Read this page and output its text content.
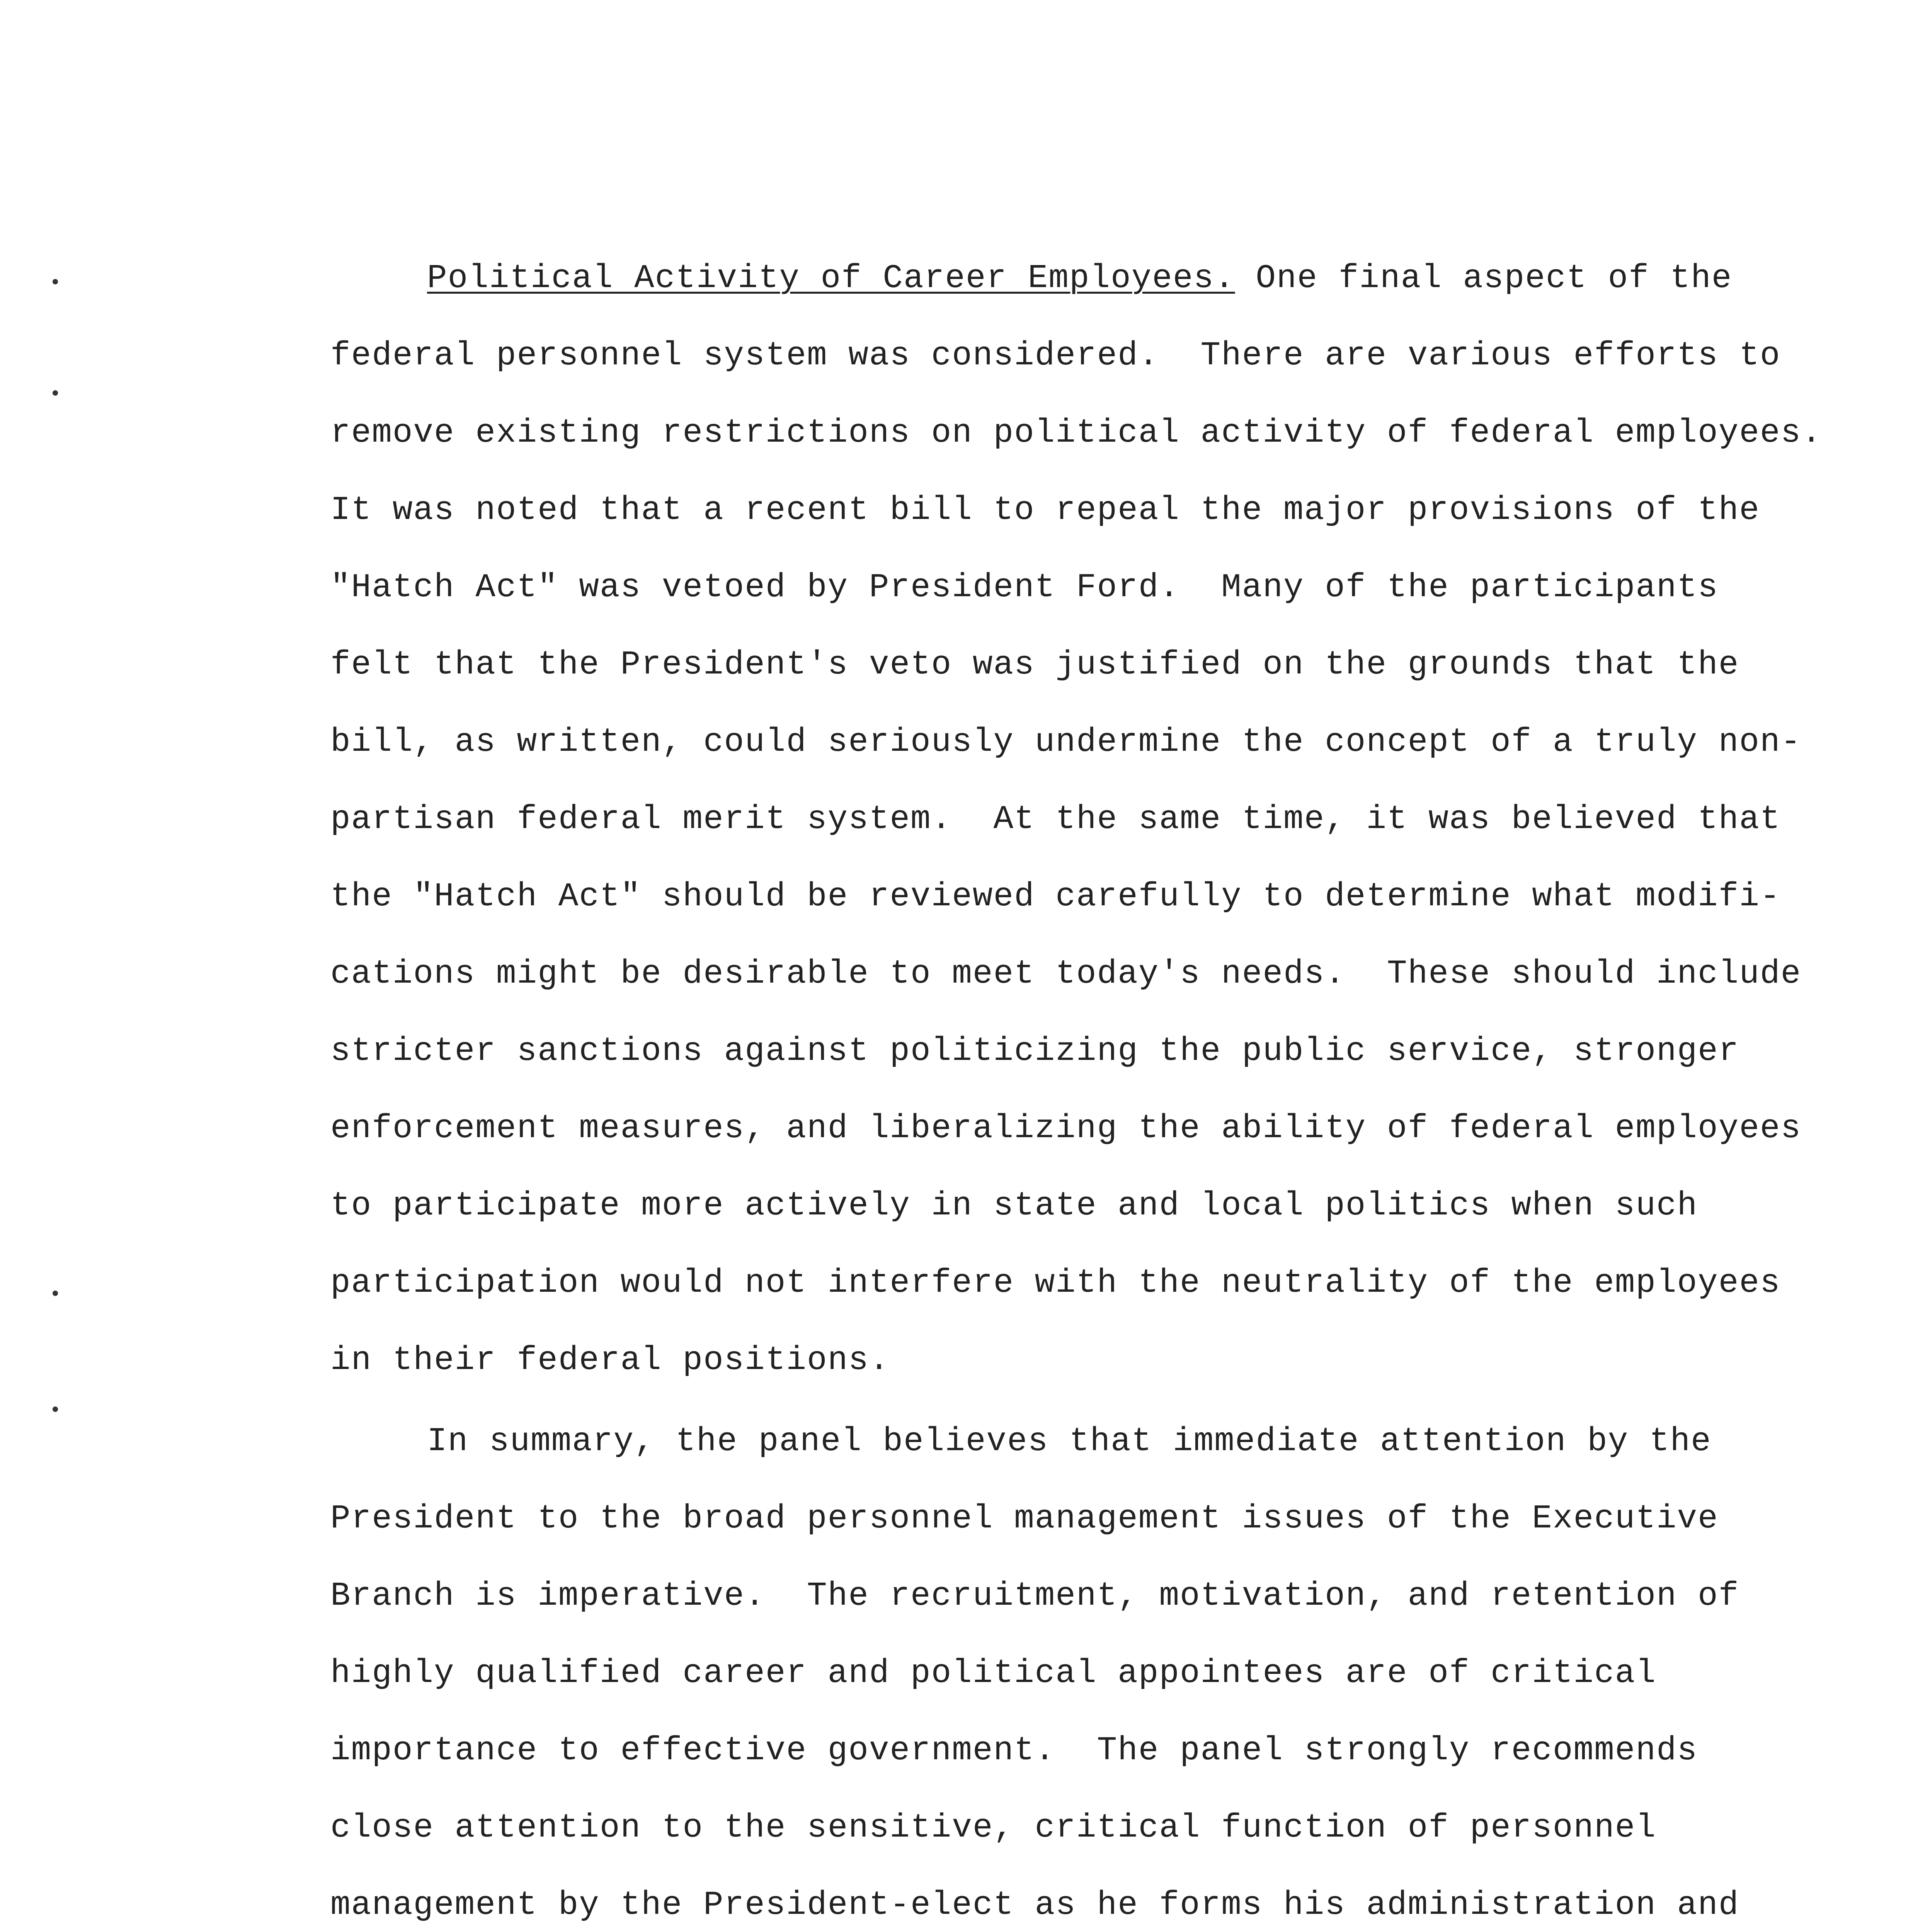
Political Activity of Career Employees. One final aspect of the
federal personnel system was considered.  There are various efforts to
remove existing restrictions on political activity of federal employees.
It was noted that a recent bill to repeal the major provisions of the
"Hatch Act" was vetoed by President Ford.  Many of the participants
felt that the President's veto was justified on the grounds that the
bill, as written, could seriously undermine the concept of a truly non-
partisan federal merit system.  At the same time, it was believed that
the "Hatch Act" should be reviewed carefully to determine what modifi-
cations might be desirable to meet today's needs.  These should include
stricter sanctions against politicizing the public service, stronger
enforcement measures, and liberalizing the ability of federal employees
to participate more actively in state and local politics when such
participation would not interfere with the neutrality of the employees
in their federal positions.
In summary, the panel believes that immediate attention by the
President to the broad personnel management issues of the Executive
Branch is imperative.  The recruitment, motivation, and retention of
highly qualified career and political appointees are of critical
importance to effective government.  The panel strongly recommends
close attention to the sensitive, critical function of personnel
management by the President-elect as he forms his administration and
